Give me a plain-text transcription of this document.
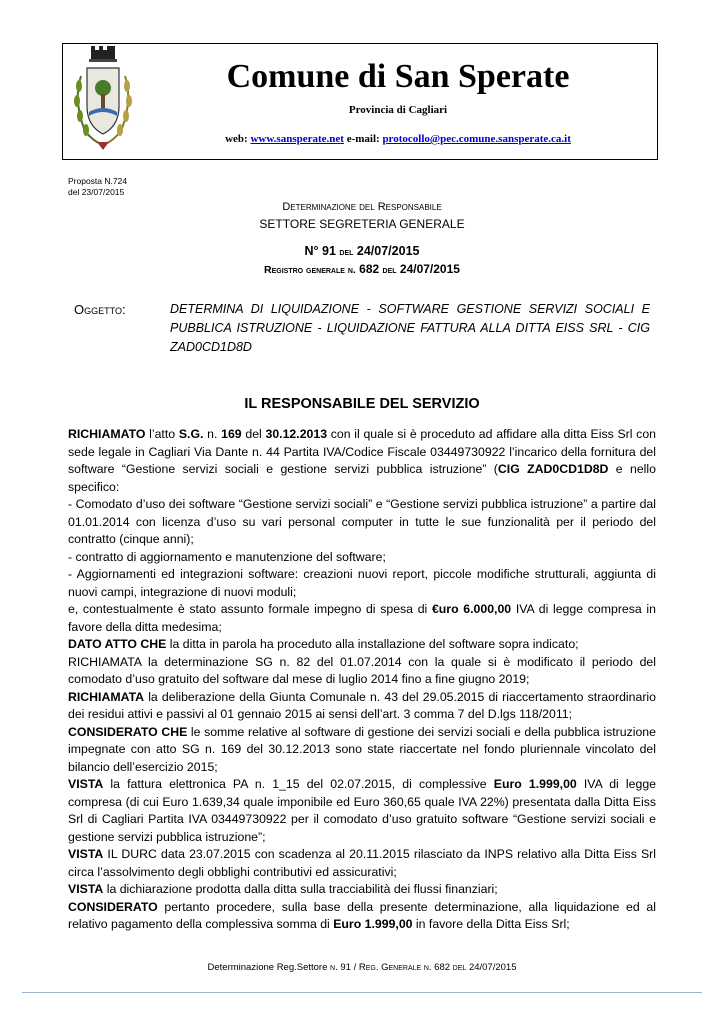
Comune di San Sperate
Provincia di Cagliari
web: www.sansperate.net e-mail: protocollo@pec.comune.sansperate.ca.it
Proposta N.724
del 23/07/2015
Determinazione del Responsabile
SETTORE SEGRETERIA GENERALE
N° 91 del 24/07/2015
Registro generale n. 682 del 24/07/2015
Oggetto:	DETERMINA DI LIQUIDAZIONE - SOFTWARE GESTIONE SERVIZI SOCIALI E PUBBLICA ISTRUZIONE - LIQUIDAZIONE FATTURA ALLA DITTA EISS SRL - CIG ZAD0CD1D8D
IL RESPONSABILE DEL SERVIZIO

RICHIAMATO l’atto S.G. n. 169 del 30.12.2013 con il quale si è proceduto ad affidare alla ditta Eiss Srl con sede legale in Cagliari Via Dante n. 44 Partita IVA/Codice Fiscale 03449730922 l’incarico della fornitura del software “Gestione servizi sociali e gestione servizi pubblica istruzione” (CIG ZAD0CD1D8D e nello specifico:

- Comodato d’uso dei software “Gestione servizi sociali” e “Gestione servizi pubblica istruzione” a partire dal 01.01.2014 con licenza d’uso su vari personal computer in tutte le sue funzionalità per il periodo del contratto (cinque anni);

- contratto di aggiornamento e manutenzione del software;

- Aggiornamenti ed integrazioni software: creazioni nuovi report, piccole modifiche strutturali, aggiunta di nuovi campi, integrazione di nuovi moduli;

e, contestualmente è stato assunto formale impegno di spesa di €uro 6.000,00 IVA di legge compresa in favore della ditta medesima;

DATO ATTO CHE la ditta in parola ha proceduto alla installazione del software sopra indicato;

RICHIAMATA la determinazione SG n. 82 del 01.07.2014 con la quale si è modificato il periodo del comodato d’uso gratuito del software dal mese di luglio 2014 fino a fine giugno 2019;

RICHIAMATA la deliberazione della Giunta Comunale n. 43 del 29.05.2015 di riaccertamento straordinario dei residui attivi e passivi al 01 gennaio 2015 ai sensi dell’art. 3 comma 7 del D.lgs 118/2011;

CONSIDERATO CHE le somme relative al software di gestione dei servizi sociali e della pubblica istruzione impegnate con atto SG n. 169 del 30.12.2013 sono state riaccertate nel fondo pluriennale vincolato del bilancio dell’esercizio 2015;

VISTA la fattura elettronica PA n. 1_15 del 02.07.2015, di complessive Euro 1.999,00 IVA di legge compresa (di cui Euro 1.639,34 quale imponibile ed Euro 360,65 quale IVA 22%) presentata dalla Ditta Eiss Srl di Cagliari Partita IVA 03449730922 per il comodato d’uso gratuito software “Gestione servizi sociali e gestione servizi pubblica istruzione”;

VISTA IL DURC data 23.07.2015 con scadenza al 20.11.2015 rilasciato da INPS relativo alla Ditta Eiss Srl circa l’assolvimento degli obblighi contributivi ed assicurativi;

VISTA la dichiarazione prodotta dalla ditta sulla tracciabilità dei flussi finanziari;

CONSIDERATO pertanto procedere, sulla base della presente determinazione, alla liquidazione ed al relativo pagamento della complessiva somma di Euro 1.999,00 in favore della Ditta Eiss Srl;

Determinazione Reg.Settore n. 91 / Reg. Generale n. 682 del 24/07/2015
